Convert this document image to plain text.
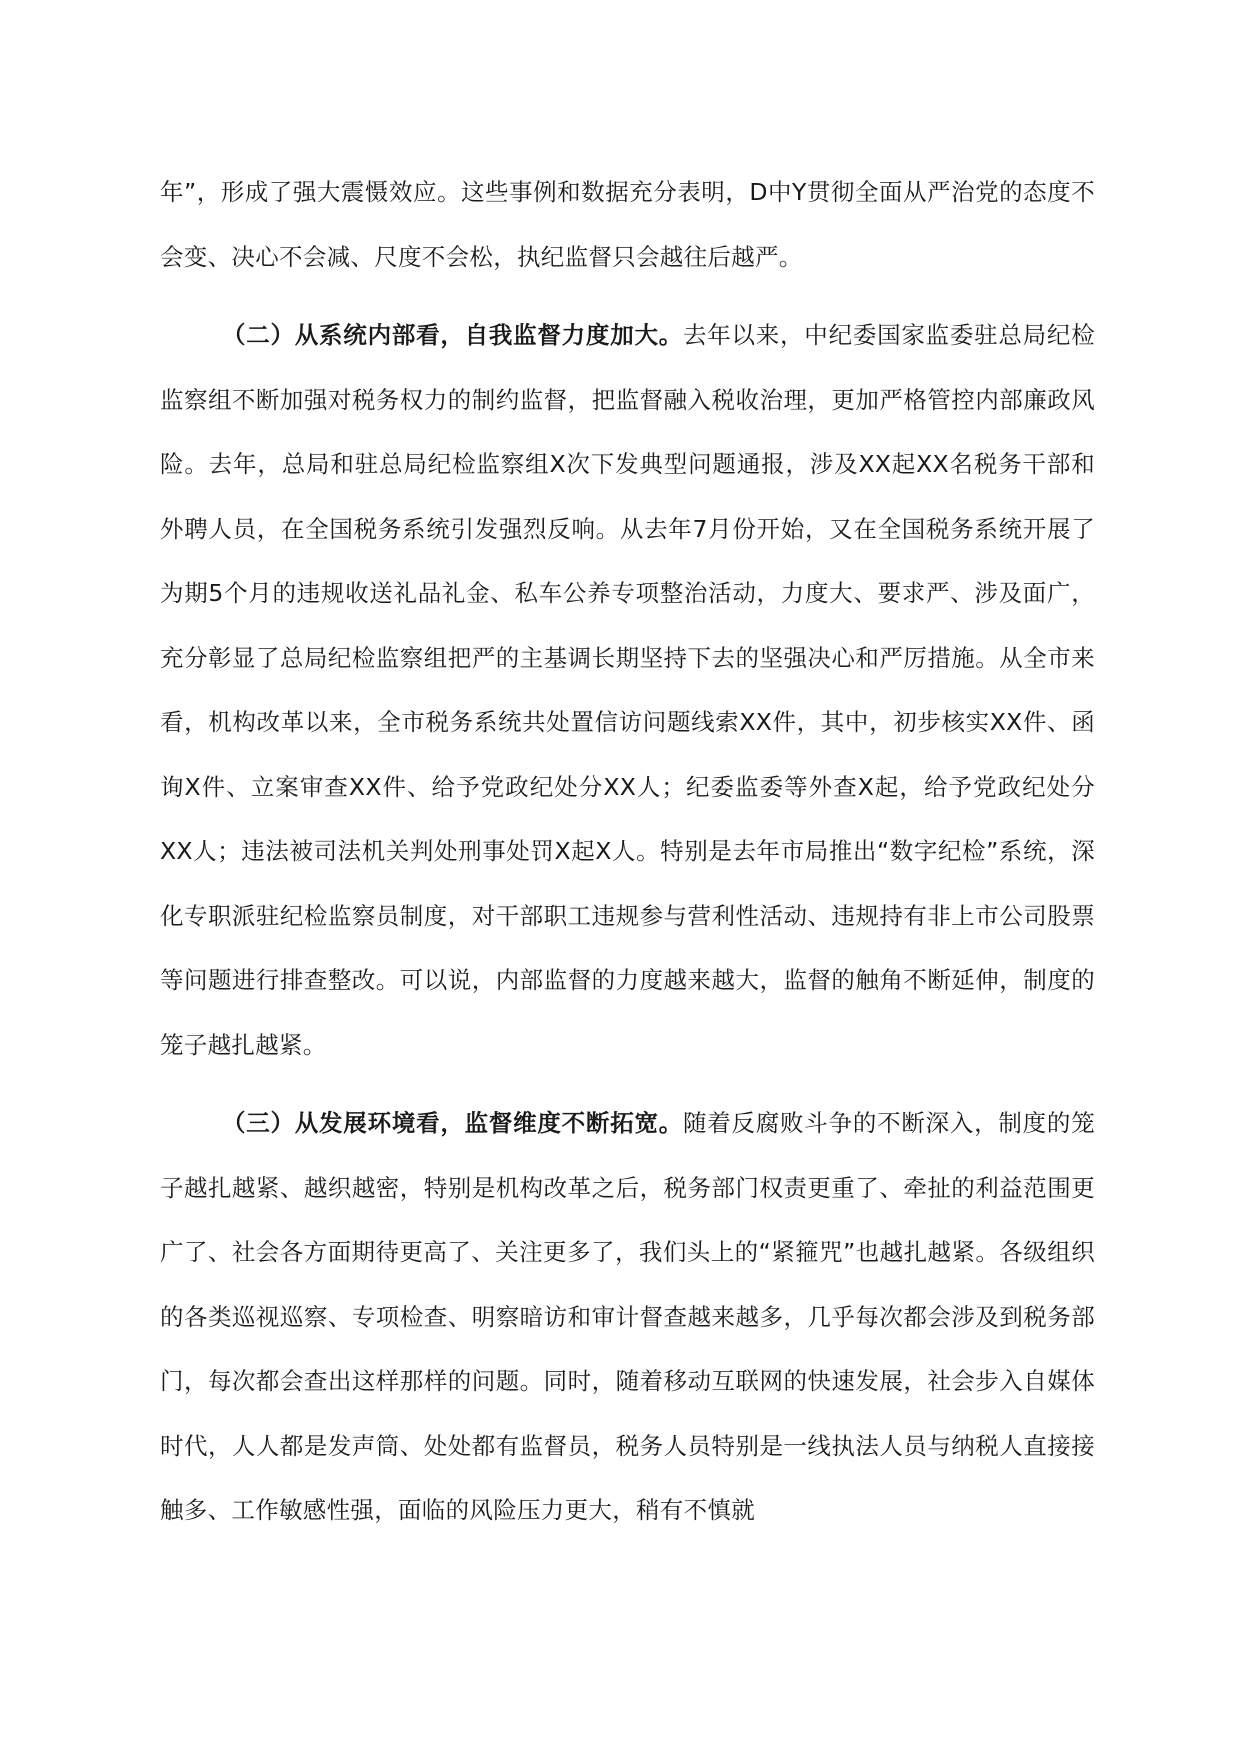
年”，形成了强大震慑效应。这些事例和数据充分表明，D中Y贯彻全面从严治党的态度不会变、决心不会减、尺度不会松，执纪监督只会越往后越严。

（二）从系统内部看，自我监督力度加大。去年以来，中纪委国家监委驻总局纪检监察组不断加强对税务权力的制约监督，把监督融入税收治理，更加严格管控内部廉政风险。去年，总局和驻总局纪检监察组X次下发典型问题通报，涉及XX起XX名税务干部和外聘人员，在全国税务系统引发强烈反响。从去年7月份开始，又在全国税务系统开展了为期5个月的违规收送礼品礼金、私车公养专项整治活动，力度大、要求严、涉及面广，充分彰显了总局纪检监察组把严的主基调长期坚持下去的坚强决心和严厉措施。从全市来看，机构改革以来，全市税务系统共处置信访问题线索XX件，其中，初步核实XX件、函询X件、立案审查XX件、给予党政纪处分XX人；纪委监委等外查X起，给予党政纪处分XX人；违法被司法机关判处刑事处罚X起X人。特别是去年市局推出“数字纪检”系统，深化专职派驻纪检监察员制度，对干部职工违规参与营利性活动、违规持有非上市公司股票等问题进行排查整改。可以说，内部监督的力度越来越大，监督的触角不断延伸，制度的笼子越扎越紧。

（三）从发展环境看，监督维度不断拓宽。随着反腐败斗争的不断深入，制度的笼子越扎越紧、越织越密，特别是机构改革之后，税务部门权责更重了、牵扯的利益范围更广了、社会各方面期待更高了、关注更多了，我们头上的“紧箍咒”也越扎越紧。各级组织的各类巡视巡察、专项检查、明察暗访和审计督查越来越多，几乎每次都会涉及到税务部门，每次都会查出这样那样的问题。同时，随着移动互联网的快速发展，社会步入自媒体时代，人人都是发声筒、处处都有监督员，税务人员特别是一线执法人员与纳税人直接接触多、工作敏感性强，面临的风险压力更大，稍有不慎就
